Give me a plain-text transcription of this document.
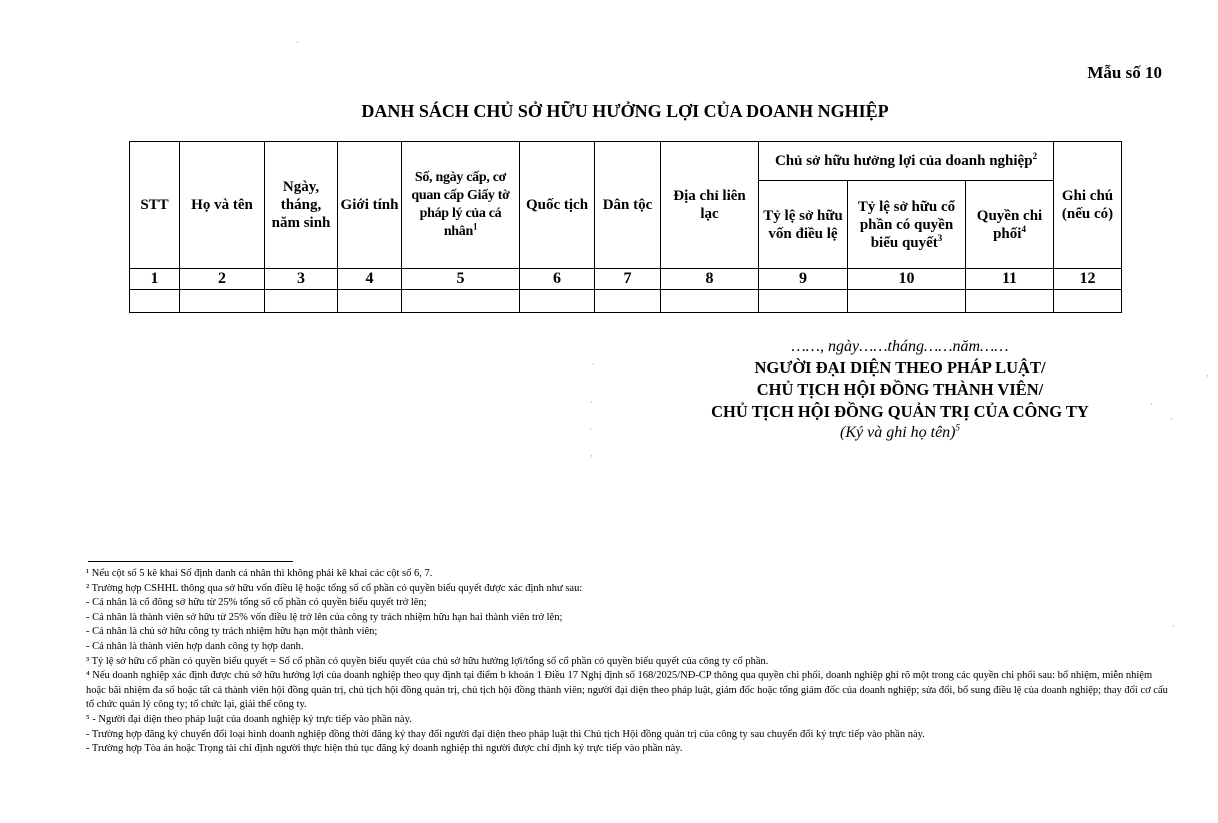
Mẫu số 10
DANH SÁCH CHỦ SỞ HỮU HƯỞNG LỢI CỦA DOANH NGHIỆP
STT	Họ và tên	Ngày, tháng, năm sinh	Giới tính	Số, ngày cấp, cơ quan cấp Giấy tờ pháp lý của cá nhân$^1$	Quốc tịch	Dân tộc	Địa chỉ liên lạc	Chủ sở hữu hưởng lợi của doanh nghiệp$^2$			Ghi chú (nếu có)
								Tỷ lệ sở hữu vốn điều lệ	Tỷ lệ sở hữu cổ phần có quyền biểu quyết$^3$	Quyền chi phối$^4$
1	2	3	4	5	6	7	8	9	10	11	12

……, ngày……tháng……năm……
NGƯỜI ĐẠI DIỆN THEO PHÁP LUẬT/
CHỦ TỊCH HỘI ĐỒNG THÀNH VIÊN/
CHỦ TỊCH HỘI ĐỒNG QUẢN TRỊ CỦA CÔNG TY
(Ký và ghi họ tên)$^5$

¹ Nếu cột số 5 kê khai Số định danh cá nhân thì không phải kê khai các cột số 6, 7.

² Trường hợp CSHHL thông qua sở hữu vốn điều lệ hoặc tổng số cổ phần có quyền biểu quyết được xác định như sau:

- Cá nhân là cổ đông sở hữu từ 25% tổng số cổ phần có quyền biểu quyết trở lên;

- Cá nhân là thành viên sở hữu từ 25% vốn điều lệ trở lên của công ty trách nhiệm hữu hạn hai thành viên trở lên;

- Cá nhân là chủ sở hữu công ty trách nhiệm hữu hạn một thành viên;

- Cá nhân là thành viên hợp danh công ty hợp danh.

³ Tỷ lệ sở hữu cổ phần có quyền biểu quyết = Số cổ phần có quyền biểu quyết của chủ sở hữu hưởng lợi/tổng số cổ phần có quyền biểu quyết của công ty cổ phần.

⁴ Nếu doanh nghiệp xác định được chủ sở hữu hưởng lợi của doanh nghiệp theo quy định tại điểm b khoản 1 Điều 17 Nghị định số 168/2025/NĐ-CP thông qua quyền chi phối, doanh nghiệp ghi rõ một trong các quyền chi phối sau: bổ nhiệm, miễn nhiệm hoặc bãi nhiệm đa số hoặc tất cả thành viên hội đồng quản trị, chủ tịch hội đồng quản trị, chủ tịch hội đồng thành viên; người đại diện theo pháp luật, giám đốc hoặc tổng giám đốc của doanh nghiệp; sửa đổi, bổ sung điều lệ của doanh nghiệp; thay đổi cơ cấu tổ chức quản lý công ty; tổ chức lại, giải thể công ty.

⁵ - Người đại diện theo pháp luật của doanh nghiệp ký trực tiếp vào phần này.

- Trường hợp đăng ký chuyển đổi loại hình doanh nghiệp đồng thời đăng ký thay đổi người đại diện theo pháp luật thì Chủ tịch Hội đồng quản trị của công ty sau chuyển đổi ký trực tiếp vào phần này.

- Trường hợp Tòa án hoặc Trọng tài chỉ định người thực hiện thủ tục đăng ký doanh nghiệp thì người được chỉ định ký trực tiếp vào phần này.

·
·
·
·
·
·
·
·
·
